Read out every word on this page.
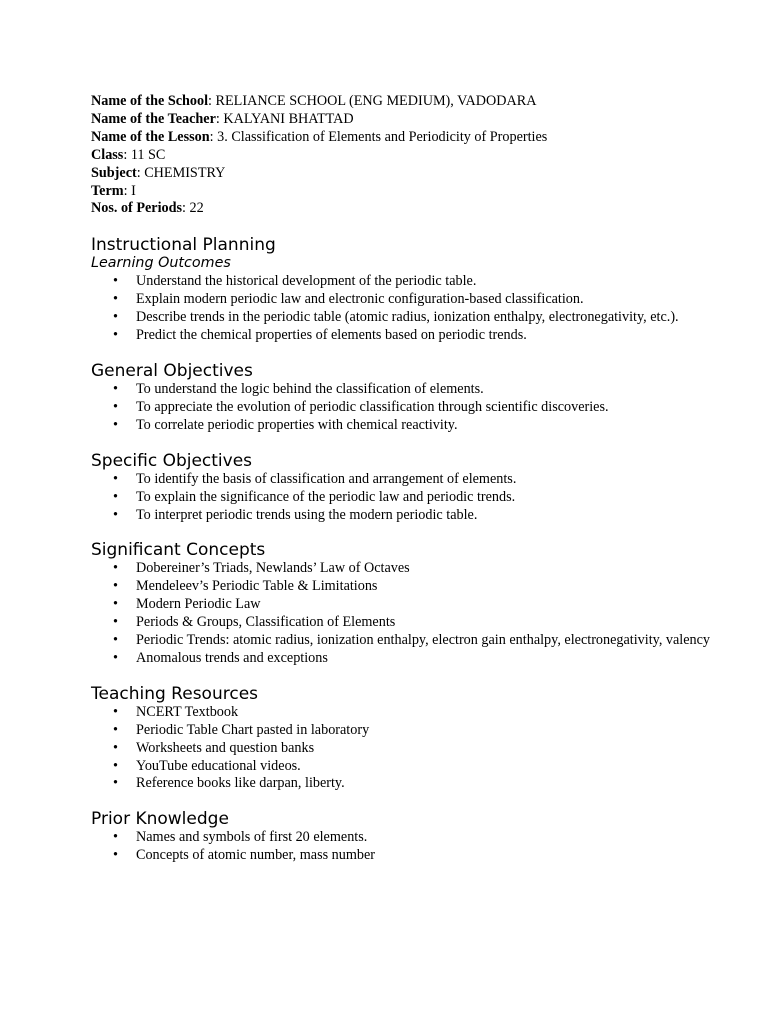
Name of the School: RELIANCE SCHOOL (ENG MEDIUM), VADODARA

Name of the Teacher: KALYANI BHATTAD

Name of the Lesson: 3. Classification of Elements and Periodicity of Properties

Class: 11 SC

Subject: CHEMISTRY

Term: I

Nos. of Periods: 22

Instructional Planning
Learning Outcomes
• Understand the historical development of the periodic table.
• Explain modern periodic law and electronic configuration-based classification.
• Describe trends in the periodic table (atomic radius, ionization enthalpy, electronegativity, etc.).
• Predict the chemical properties of elements based on periodic trends.
General Objectives
• To understand the logic behind the classification of elements.
• To appreciate the evolution of periodic classification through scientific discoveries.
• To correlate periodic properties with chemical reactivity.
Specific Objectives
• To identify the basis of classification and arrangement of elements.
• To explain the significance of the periodic law and periodic trends.
• To interpret periodic trends using the modern periodic table.
Significant Concepts
• Dobereiner’s Triads, Newlands’ Law of Octaves
• Mendeleev’s Periodic Table & Limitations
• Modern Periodic Law
• Periods & Groups, Classification of Elements
• Periodic Trends: atomic radius, ionization enthalpy, electron gain enthalpy, electronegativity, valency
• Anomalous trends and exceptions
Teaching Resources
• NCERT Textbook
• Periodic Table Chart pasted in laboratory
• Worksheets and question banks
• YouTube educational videos.
• Reference books like darpan, liberty.
Prior Knowledge
• Names and symbols of first 20 elements.
• Concepts of atomic number, mass number
